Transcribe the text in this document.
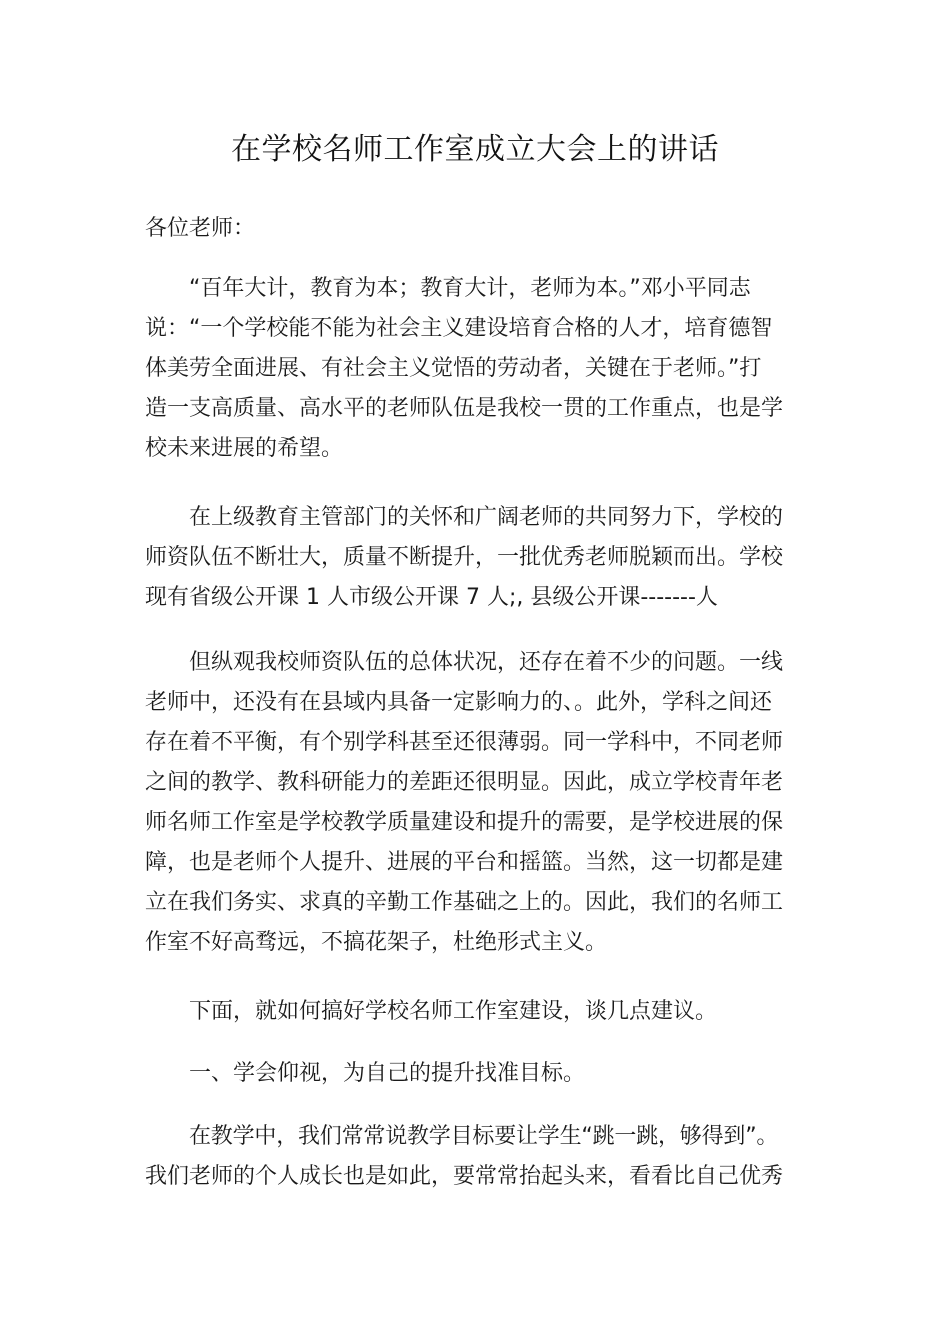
在学校名师工作室成立大会上的讲话
各位老师：
“百年大计，教育为本；教育大计，老师为本。”邓小平同志
说：“一个学校能不能为社会主义建设培育合格的人才，培育德智
体美劳全面进展、有社会主义觉悟的劳动者，关键在于老师。”打
造一支高质量、高水平的老师队伍是我校一贯的工作重点，也是学
校未来进展的希望。
在上级教育主管部门的关怀和广阔老师的共同努力下，学校的
师资队伍不断壮大，质量不断提升，一批优秀老师脱颖而出。学校
现有省级公开课 1 人市级公开课 7 人;, 县级公开课-------人
但纵观我校师资队伍的总体状况，还存在着不少的问题。一线
老师中，还没有在县域内具备一定影响力的、。此外，学科之间还
存在着不平衡，有个别学科甚至还很薄弱。同一学科中，不同老师
之间的教学、教科研能力的差距还很明显。因此，成立学校青年老
师名师工作室是学校教学质量建设和提升的需要，是学校进展的保
障，也是老师个人提升、进展的平台和摇篮。当然，这一切都是建
立在我们务实、求真的辛勤工作基础之上的。因此，我们的名师工
作室不好高骛远，不搞花架子，杜绝形式主义。
下面，就如何搞好学校名师工作室建设，谈几点建议。
一、学会仰视，为自己的提升找准目标。
在教学中，我们常常说教学目标要让学生“跳一跳，够得到”。
我们老师的个人成长也是如此，要常常抬起头来，看看比自己优秀
